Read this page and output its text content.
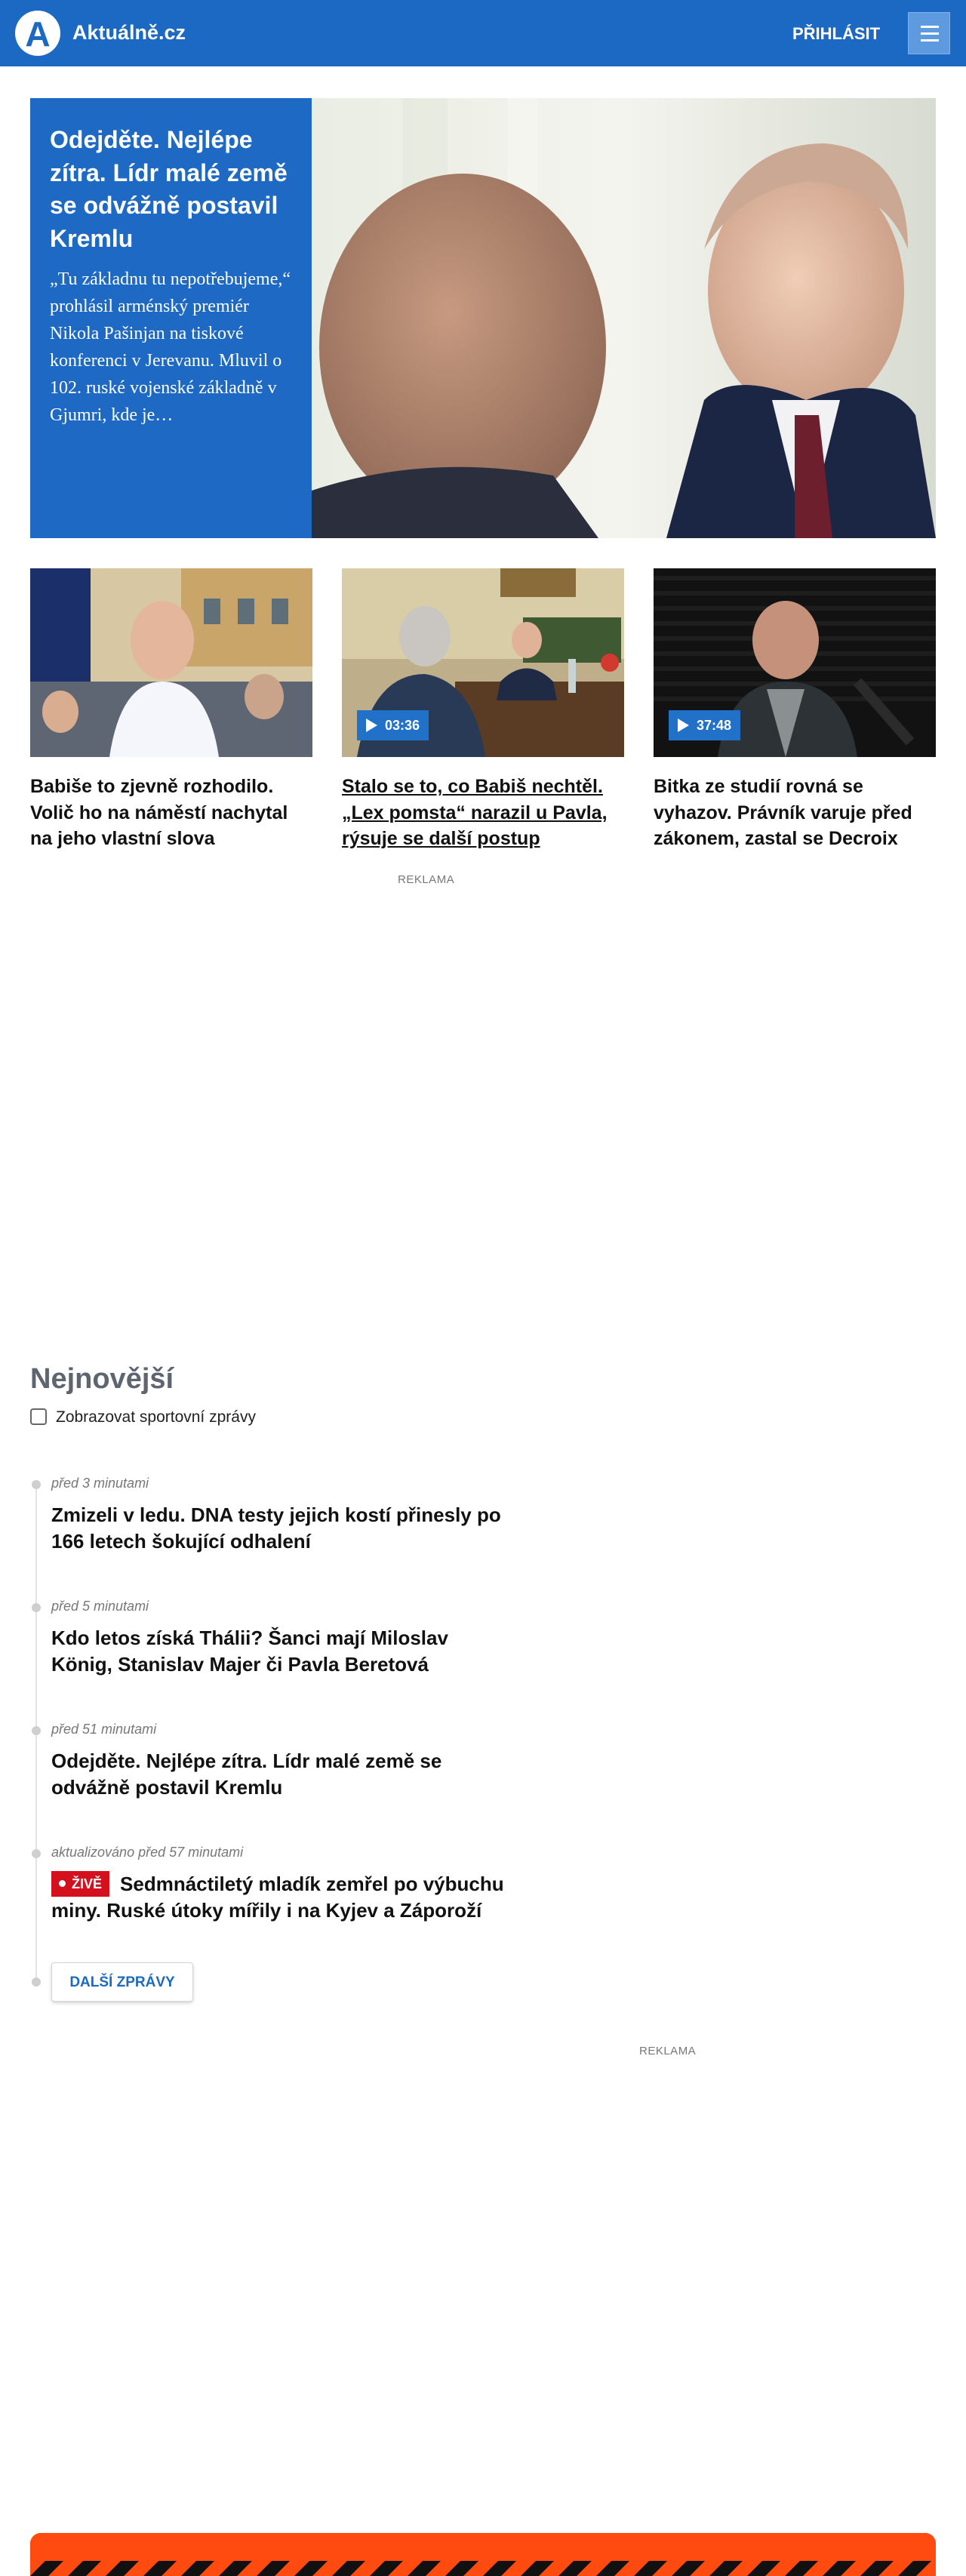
A	Aktuálně.cz	PŘIHLÁSIT
Odejděte. Nejlépe zítra. Lídr malé země se odvážně postavil Kremlu
„Tu základnu tu nepotřebujeme,“ prohlásil arménský premiér Nikola Pašinjan na tiskové konferenci v Jerevanu. Mluvil o 102. ruské vojenské základně v Gjumri, kde je…
Babiše to zjevně rozhodilo. Volič ho na náměstí nachytal na jeho vlastní slova
03:36
Stalo se to, co Babiš nechtěl. „Lex pomsta“ narazil u Pavla, rýsuje se další postup
37:48
Bitka ze studií rovná se vyhazov. Právník varuje před zákonem, zastal se Decroix
REKLAMA
Nejnovější
Zobrazovat sportovní zprávy
před 3 minutami
Zmizeli v ledu. DNA testy jejich kostí přinesly po 166 letech šokující odhalení
před 5 minutami
Kdo letos získá Thálii? Šanci mají Miloslav König, Stanislav Majer či Pavla Beretová
před 51 minutami
Odejděte. Nejlépe zítra. Lídr malé země se odvážně postavil Kremlu
aktualizováno před 57 minutami
ŽIVĚ Sedmnáctiletý mladík zemřel po výbuchu miny. Ruské útoky mířily i na Kyjev a Záporoží
DALŠÍ ZPRÁVY
REKLAMA
